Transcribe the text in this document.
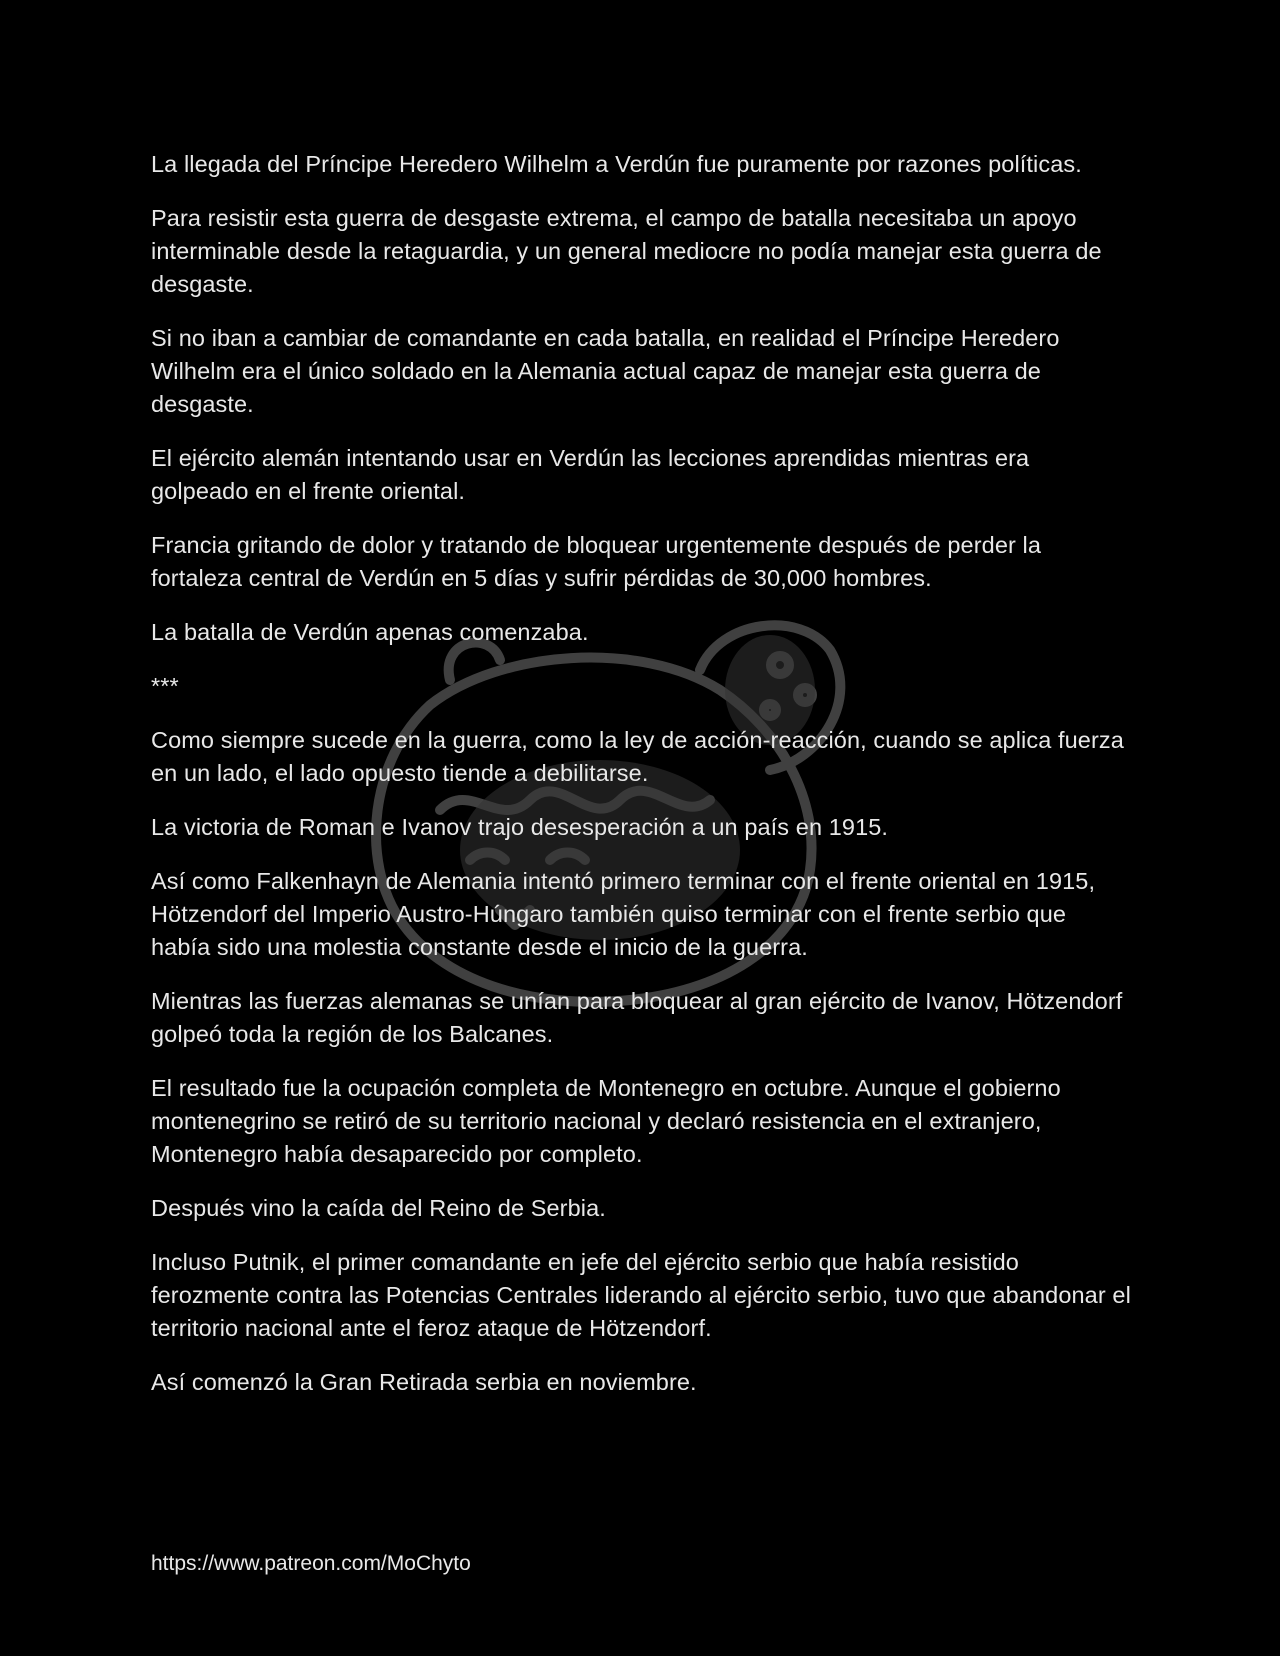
La llegada del Príncipe Heredero Wilhelm a Verdún fue puramente por razones políticas.

Para resistir esta guerra de desgaste extrema, el campo de batalla necesitaba un apoyo interminable desde la retaguardia, y un general mediocre no podía manejar esta guerra de desgaste.

Si no iban a cambiar de comandante en cada batalla, en realidad el Príncipe Heredero Wilhelm era el único soldado en la Alemania actual capaz de manejar esta guerra de desgaste.

El ejército alemán intentando usar en Verdún las lecciones aprendidas mientras era golpeado en el frente oriental.

Francia gritando de dolor y tratando de bloquear urgentemente después de perder la fortaleza central de Verdún en 5 días y sufrir pérdidas de 30,000 hombres.

La batalla de Verdún apenas comenzaba.

***

Como siempre sucede en la guerra, como la ley de acción-reacción, cuando se aplica fuerza en un lado, el lado opuesto tiende a debilitarse.

La victoria de Roman e Ivanov trajo desesperación a un país en 1915.

Así como Falkenhayn de Alemania intentó primero terminar con el frente oriental en 1915, Hötzendorf del Imperio Austro-Húngaro también quiso terminar con el frente serbio que había sido una molestia constante desde el inicio de la guerra.

Mientras las fuerzas alemanas se unían para bloquear al gran ejército de Ivanov, Hötzendorf golpeó toda la región de los Balcanes.

El resultado fue la ocupación completa de Montenegro en octubre. Aunque el gobierno montenegrino se retiró de su territorio nacional y declaró resistencia en el extranjero, Montenegro había desaparecido por completo.

Después vino la caída del Reino de Serbia.

Incluso Putnik, el primer comandante en jefe del ejército serbio que había resistido ferozmente contra las Potencias Centrales liderando al ejército serbio, tuvo que abandonar el territorio nacional ante el feroz ataque de Hötzendorf.

Así comenzó la Gran Retirada serbia en noviembre.

https://www.patreon.com/MoChyto
